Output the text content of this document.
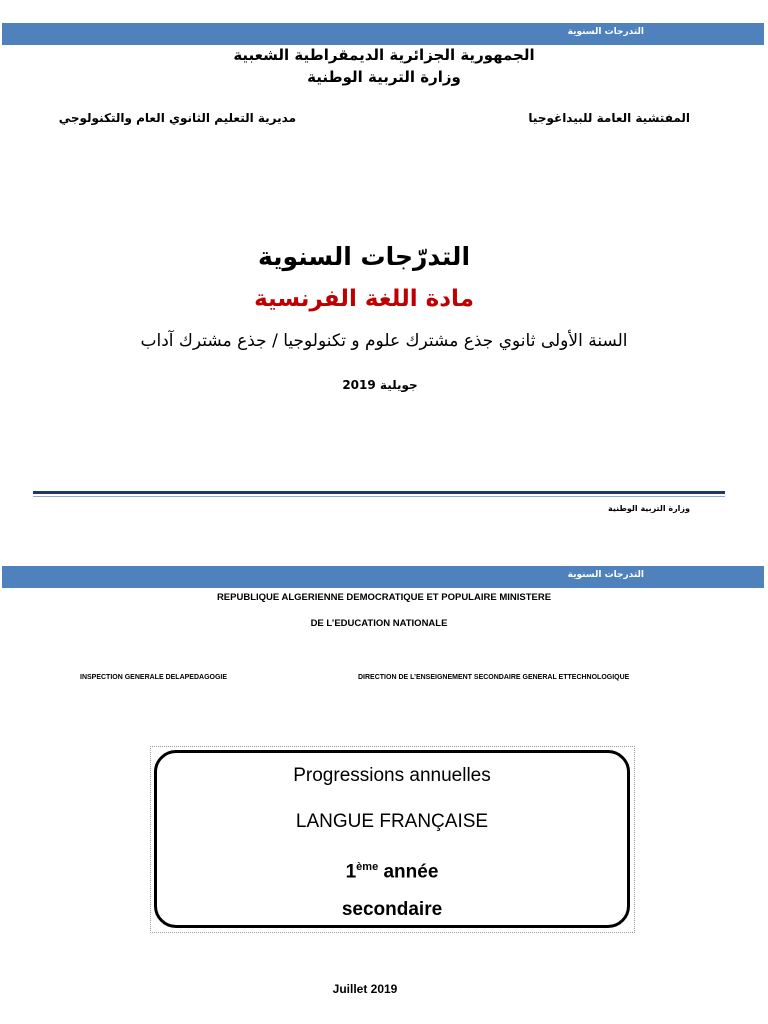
التدرجات السنوية
الجمهورية الجزائرية الديمقراطية الشعبية
وزارة التربية الوطنية
المفتشية العامة للبيداغوجيا
مديرية التعليم الثانوي العام والتكنولوجي
التدرّجات السنوية
مادة اللغة الفرنسية
السنة الأولى ثانوي جذع مشترك علوم و تكنولوجيا / جذع مشترك آداب
جويلية 2019
وزارة التربية الوطنية
التدرجات السنوية
REPUBLIQUE ALGERIENNE DEMOCRATIQUE ET POPULAIRE MINISTERE
DE L’EDUCATION NATIONALE
INSPECTION GENERALE DELAPEDAGOGIE	DIRECTION DE L’ENSEIGNEMENT SECONDAIRE GENERAL ETTECHNOLOGIQUE
Progressions annuelles
LANGUE FRANÇAISE
1ème année
secondaire
Juillet 2019
